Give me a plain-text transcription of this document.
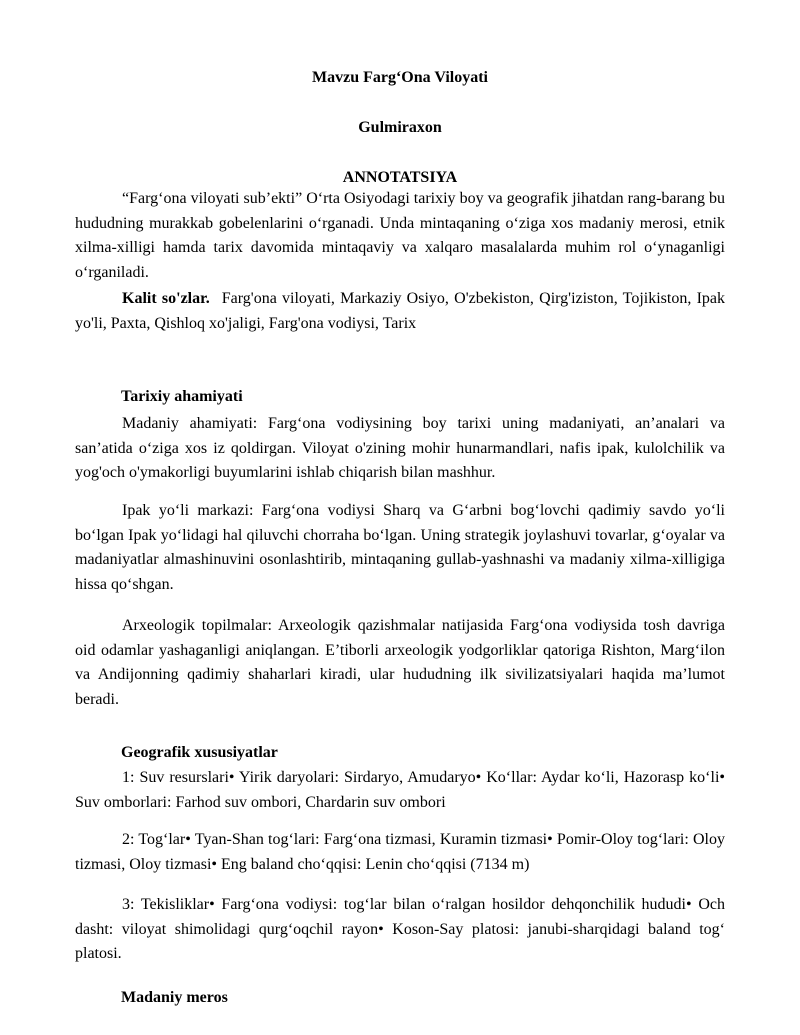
Mavzu Farg‘Ona Viloyati

Gulmiraxon

ANNOTATSIYA

“Farg‘ona viloyati sub’ekti” O‘rta Osiyodagi tarixiy boy va geografik jihatdan rang-barang bu hududning murakkab gobelenlarini o‘rganadi. Unda mintaqaning o‘ziga xos madaniy merosi, etnik xilma-xilligi hamda tarix davomida mintaqaviy va xalqaro masalalarda muhim rol o‘ynaganligi o‘rganiladi.

Kalit so'zlar. Farg'ona viloyati, Markaziy Osiyo, O'zbekiston, Qirg'iziston, Tojikiston, Ipak yo'li, Paxta, Qishloq xo'jaligi, Farg'ona vodiysi, Tarix

Tarixiy ahamiyati

Madaniy ahamiyati: Farg‘ona vodiysining boy tarixi uning madaniyati, an’analari va san’atida o‘ziga xos iz qoldirgan. Viloyat o'zining mohir hunarmandlari, nafis ipak, kulolchilik va yog'och o'ymakorligi buyumlarini ishlab chiqarish bilan mashhur.

Ipak yo‘li markazi: Farg‘ona vodiysi Sharq va G‘arbni bog‘lovchi qadimiy savdo yo‘li bo‘lgan Ipak yo‘lidagi hal qiluvchi chorraha bo‘lgan. Uning strategik joylashuvi tovarlar, g‘oyalar va madaniyatlar almashinuvini osonlashtirib, mintaqaning gullab-yashnashi va madaniy xilma-xilligiga hissa qo‘shgan.

Arxeologik topilmalar: Arxeologik qazishmalar natijasida Farg‘ona vodiysida tosh davriga oid odamlar yashaganligi aniqlangan. E’tiborli arxeologik yodgorliklar qatoriga Rishton, Marg‘ilon va Andijonning qadimiy shaharlari kiradi, ular hududning ilk sivilizatsiyalari haqida ma’lumot beradi.

Geografik xususiyatlar

1: Suv resurslari• Yirik daryolari: Sirdaryo, Amudaryo• Ko‘llar: Aydar ko‘li, Hazorasp ko‘li• Suv omborlari: Farhod suv ombori, Chardarin suv ombori

2: Tog‘lar• Tyan-Shan tog‘lari: Farg‘ona tizmasi, Kuramin tizmasi• Pomir-Oloy tog‘lari: Oloy tizmasi, Oloy tizmasi• Eng baland cho‘qqisi: Lenin cho‘qqisi (7134 m)

3: Tekisliklar• Farg‘ona vodiysi: tog‘lar bilan o‘ralgan hosildor dehqonchilik hududi• Och dasht: viloyat shimolidagi qurg‘oqchil rayon• Koson-Say platosi: janubi-sharqidagi baland tog‘ platosi.

Madaniy meros
